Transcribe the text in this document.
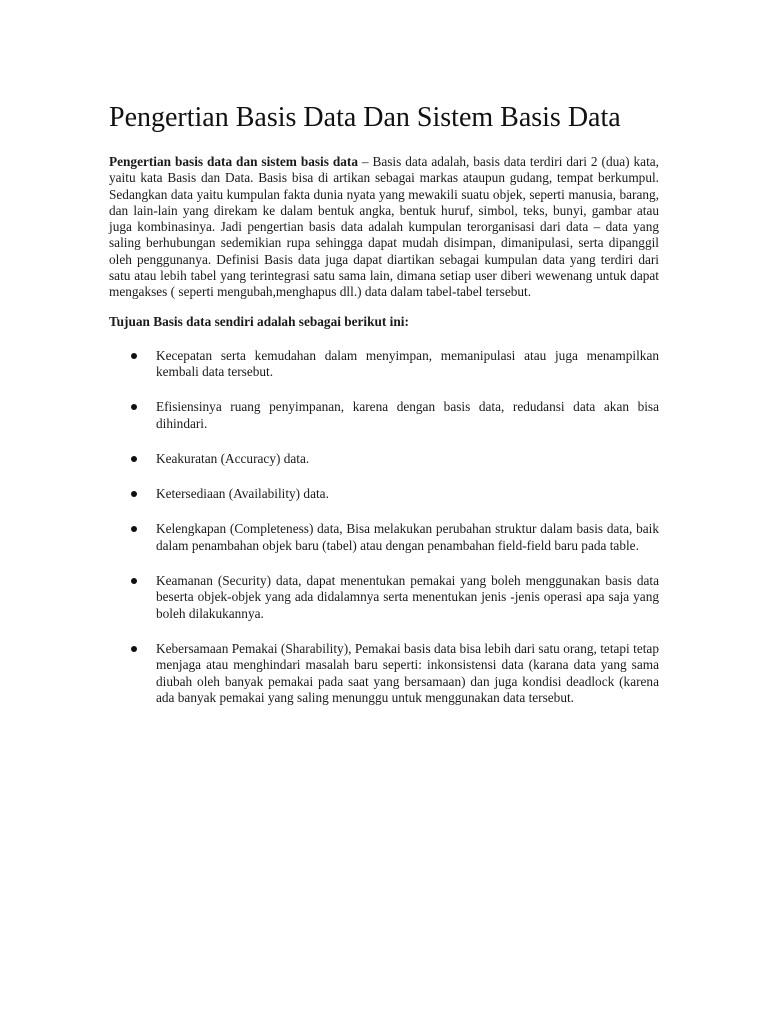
Pengertian Basis Data Dan Sistem Basis Data

Pengertian basis data dan sistem basis data – Basis data adalah, basis data terdiri dari 2 (dua) kata, yaitu kata Basis dan Data. Basis bisa di artikan sebagai markas ataupun gudang, tempat berkumpul. Sedangkan data yaitu kumpulan fakta dunia nyata yang mewakili suatu objek, seperti manusia, barang, dan lain-lain yang direkam ke dalam bentuk angka, bentuk huruf, simbol, teks, bunyi, gambar atau juga kombinasinya. Jadi pengertian basis data adalah kumpulan terorganisasi dari data – data yang saling berhubungan sedemikian rupa sehingga dapat mudah disimpan, dimanipulasi, serta dipanggil oleh penggunanya. Definisi Basis data juga dapat diartikan sebagai kumpulan data yang terdiri dari satu atau lebih tabel yang terintegrasi satu sama lain, dimana setiap user diberi wewenang untuk dapat mengakses ( seperti mengubah,menghapus dll.) data dalam tabel-tabel tersebut.

Tujuan Basis data sendiri adalah sebagai berikut ini:

Kecepatan serta kemudahan dalam menyimpan, memanipulasi atau juga menampilkan kembali data tersebut.
Efisiensinya ruang penyimpanan, karena dengan basis data, redudansi data akan bisa dihindari.
Keakuratan (Accuracy) data.
Ketersediaan (Availability) data.
Kelengkapan (Completeness) data, Bisa melakukan perubahan struktur dalam basis data, baik dalam penambahan objek baru (tabel) atau dengan penambahan field-field baru pada table.
Keamanan (Security) data, dapat menentukan pemakai yang boleh menggunakan basis data beserta objek-objek yang ada didalamnya serta menentukan jenis -jenis operasi apa saja yang boleh dilakukannya.
Kebersamaan Pemakai (Sharability), Pemakai basis data bisa lebih dari satu orang, tetapi tetap menjaga atau menghindari masalah baru seperti: inkonsistensi data (karana data yang sama diubah oleh banyak pemakai pada saat yang bersamaan) dan juga kondisi deadlock (karena ada banyak pemakai yang saling menunggu untuk menggunakan data tersebut.
